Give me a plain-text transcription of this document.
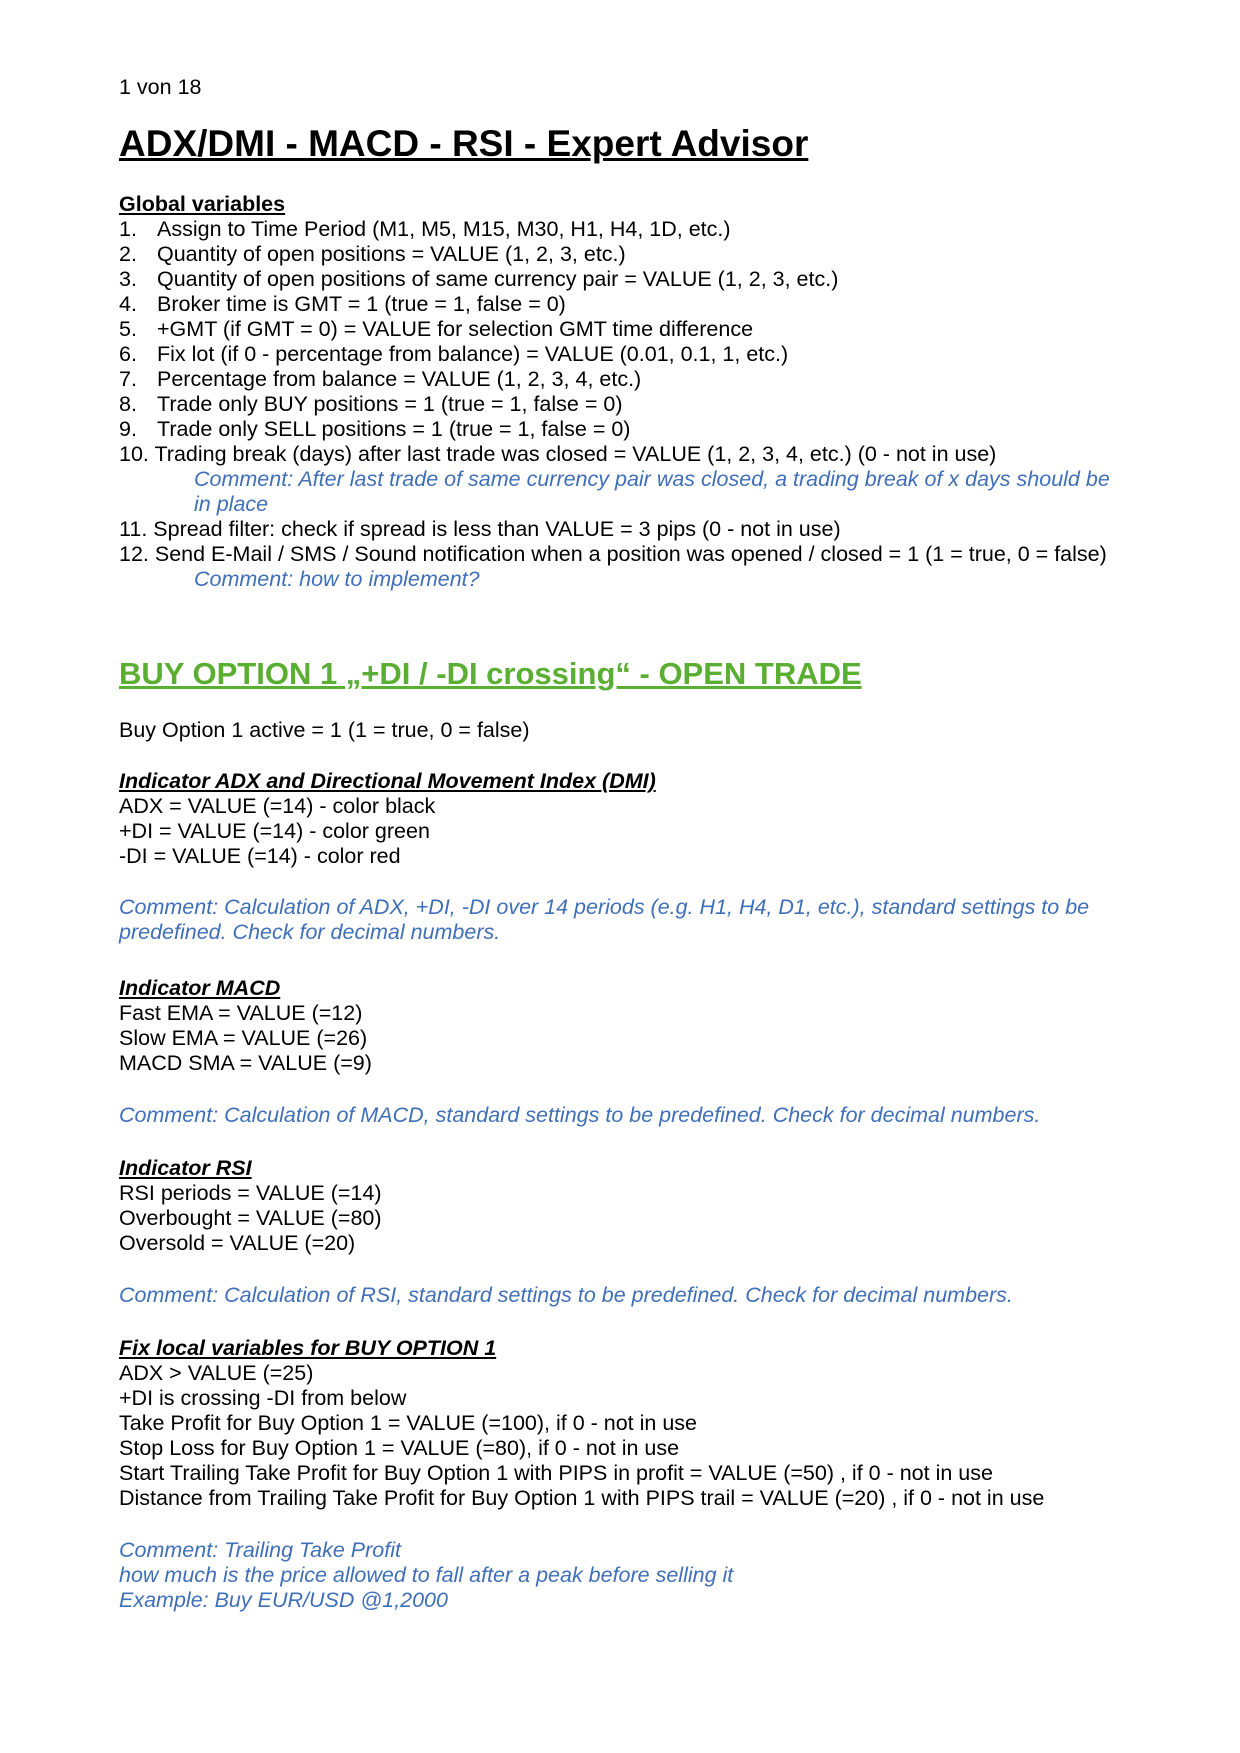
1 von 18
ADX/DMI - MACD - RSI - Expert Advisor
Global variables
1. Assign to Time Period (M1, M5, M15, M30, H1, H4, 1D, etc.)
2. Quantity of open positions = VALUE (1, 2, 3, etc.)
3. Quantity of open positions of same currency pair = VALUE (1, 2, 3, etc.)
4. Broker time is GMT = 1 (true = 1, false = 0)
5. +GMT (if GMT = 0) = VALUE for selection GMT time difference
6. Fix lot (if 0 - percentage from balance) = VALUE (0.01, 0.1, 1, etc.)
7. Percentage from balance = VALUE (1, 2, 3, 4, etc.)
8. Trade only BUY positions = 1 (true = 1, false = 0)
9. Trade only SELL positions = 1 (true = 1, false = 0)
10. Trading break (days) after last trade was closed = VALUE (1, 2, 3, 4, etc.) (0 - not in use)
Comment: After last trade of same currency pair was closed, a trading break of x days should be in place
11. Spread filter: check if spread is less than VALUE = 3 pips (0 - not in use)
12. Send E-Mail / SMS / Sound notification when a position was opened / closed = 1 (1 = true, 0 = false)
Comment: how to implement?
BUY OPTION 1 „+DI / -DI crossing“ - OPEN TRADE
Buy Option 1 active = 1 (1 = true, 0 = false)
Indicator ADX and Directional Movement Index (DMI)
ADX = VALUE (=14) - color black
+DI = VALUE (=14) - color green
-DI = VALUE (=14) - color red
Comment: Calculation of ADX, +DI, -DI over 14 periods (e.g. H1, H4, D1, etc.), standard settings to be predefined. Check for decimal numbers.
Indicator MACD
Fast EMA = VALUE (=12)
Slow EMA = VALUE (=26)
MACD SMA = VALUE (=9)
Comment: Calculation of MACD, standard settings to be predefined. Check for decimal numbers.
Indicator RSI
RSI periods = VALUE (=14)
Overbought = VALUE (=80)
Oversold = VALUE (=20)
Comment: Calculation of RSI, standard settings to be predefined. Check for decimal numbers.
Fix local variables for BUY OPTION 1
ADX > VALUE (=25)
+DI is crossing -DI from below
Take Profit for Buy Option 1 = VALUE (=100), if 0 - not in use
Stop Loss for Buy Option 1 = VALUE (=80), if 0 - not in use
Start Trailing Take Profit for Buy Option 1 with PIPS in profit = VALUE (=50) , if 0 - not in use
Distance from Trailing Take Profit for Buy Option 1 with PIPS trail = VALUE (=20) , if 0 - not in use
Comment: Trailing Take Profit
how much is the price allowed to fall after a peak before selling it
Example: Buy EUR/USD @1,2000
